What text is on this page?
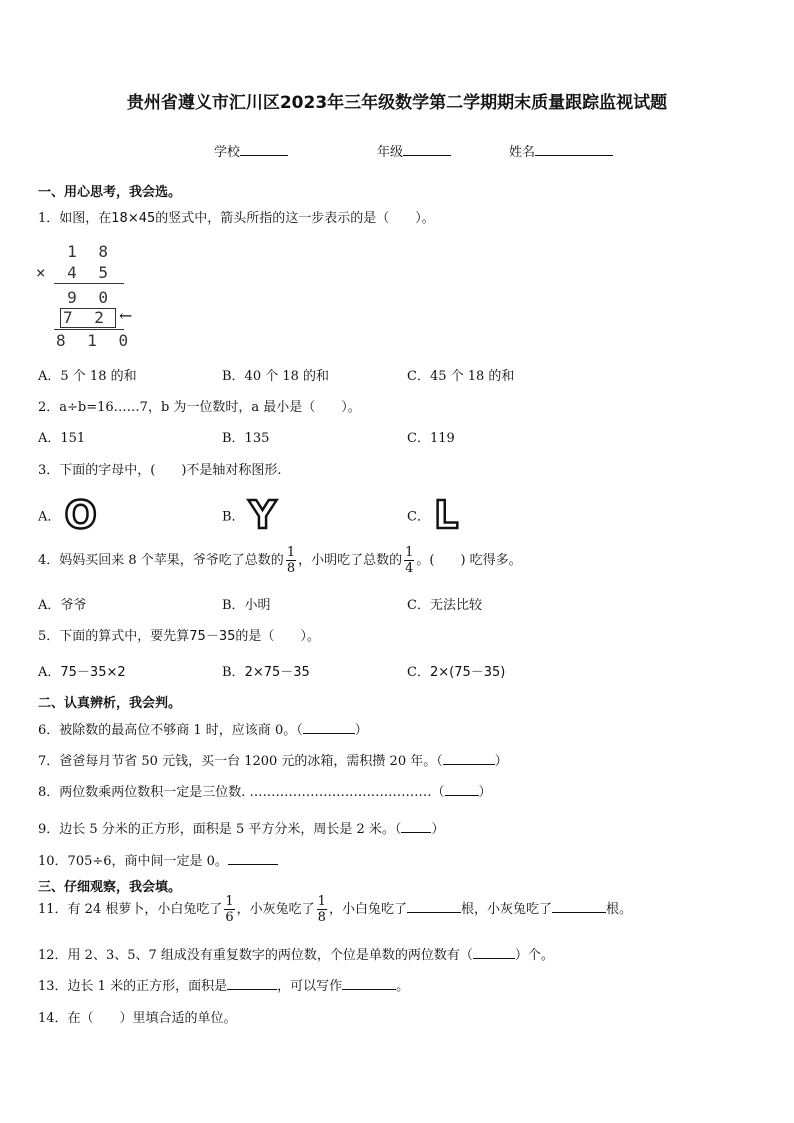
贵州省遵义市汇川区2023年三年级数学第二学期期末质量跟踪监视试题
学校	年级	姓名
一、用心思考，我会选。
1．如图，在18×45的竖式中，箭头所指的这一步表示的是（　　）。
1 8
× 4 5
9 0
7 2 ←
8 1 0
A．5 个 18 的和	B．40 个 18 的和	C．45 个 18 的和
2．a÷b=16……7，b 为一位数时，a 最小是（　　）。
A．151	B．135	C．119
3．下面的字母中，(　　)不是轴对称图形.
A． O	B． Y	C． L
4．妈妈买回来 8 个苹果，爷爷吃了总数的 $\frac{1}{8}$ ，小明吃了总数的 $\frac{1}{4}$ 。(　　) 吃得多。
A．爷爷	B．小明	C．无法比较
5．下面的算式中，要先算75－35的是（　　）。
A．75－35×2	B．2×75－35	C．2×(75－35)
二、认真辨析，我会判。
6．被除数的最高位不够商 1 时，应该商 0。（	）
7．爸爸每月节省 50 元钱，买一台 1200 元的冰箱，需积攒 20 年。（	）
8．两位数乘两位数积一定是三位数. ……………………………………（	）
9．边长 5 分米的正方形，面积是 5 平方分米，周长是 2 米。（ ）
10．705÷6，商中间一定是 0。
三、仔细观察，我会填。
11．有 24 根萝卜，小白兔吃了 $\frac{1}{6}$ ，小灰兔吃了 $\frac{1}{8}$ ，小白兔吃了	根，小灰兔吃了	根。
12．用 2、3、5、7 组成没有重复数字的两位数，个位是单数的两位数有（	）个。
13．边长 1 米的正方形，面积是	，可以写作	。
14．在（　　）里填合适的单位。
